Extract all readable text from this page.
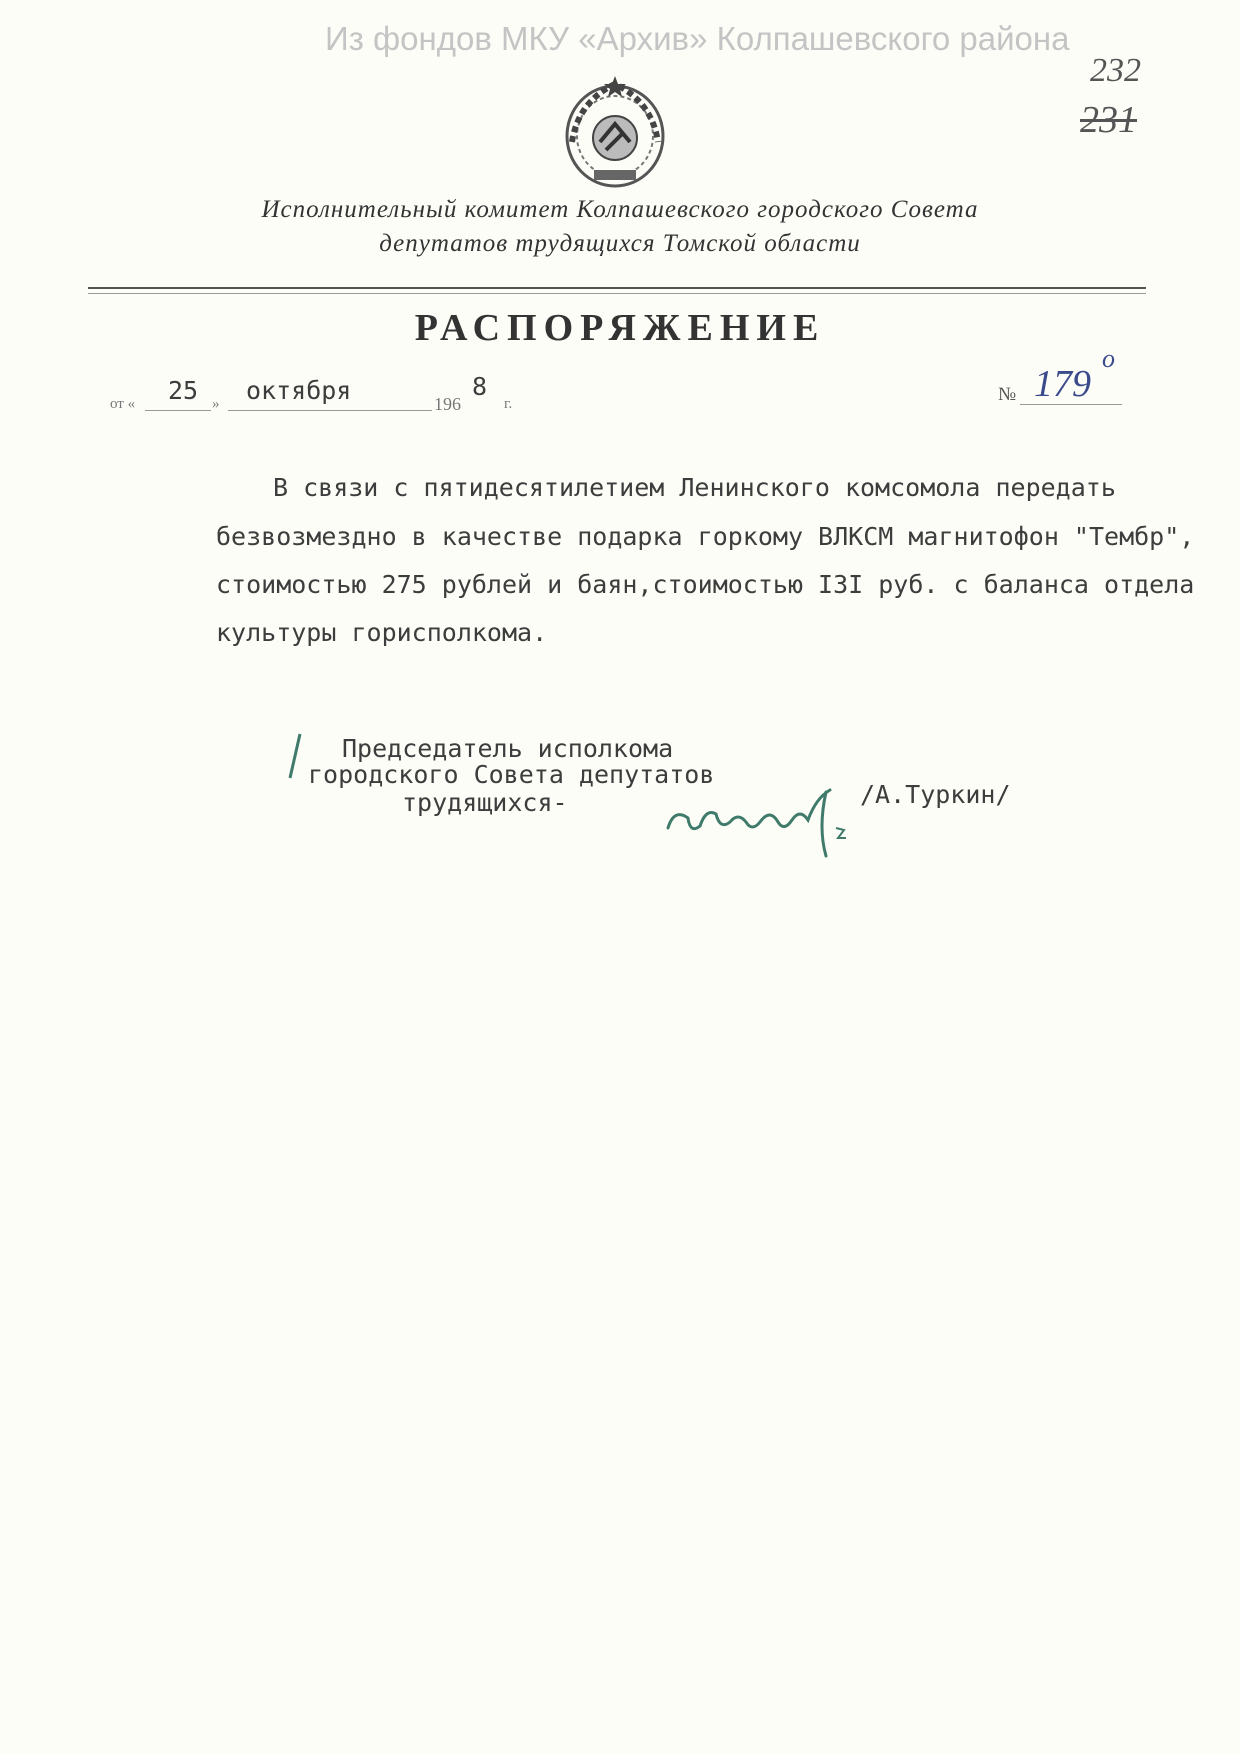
Из фондов МКУ «Архив» Колпашевского района
232
231
Исполнительный комитет Колпашевского городского Совета
депутатов трудящихся Томской области
РАСПОРЯЖЕНИЕ
от « 25 » октября	196
8
г.	№ 179
о
В связи с пятидесятилетием Ленинского комсомола передать
безвозмездно в качестве подарка горкому ВЛКСМ магнитофон "Тембр",
стоимостью 275 рублей и баян,стоимостью I3I руб. с баланса отдела
культуры горисполкома.
Председатель исполкома
городского Совета депутатов
трудящихся-	/А.Туркин/
